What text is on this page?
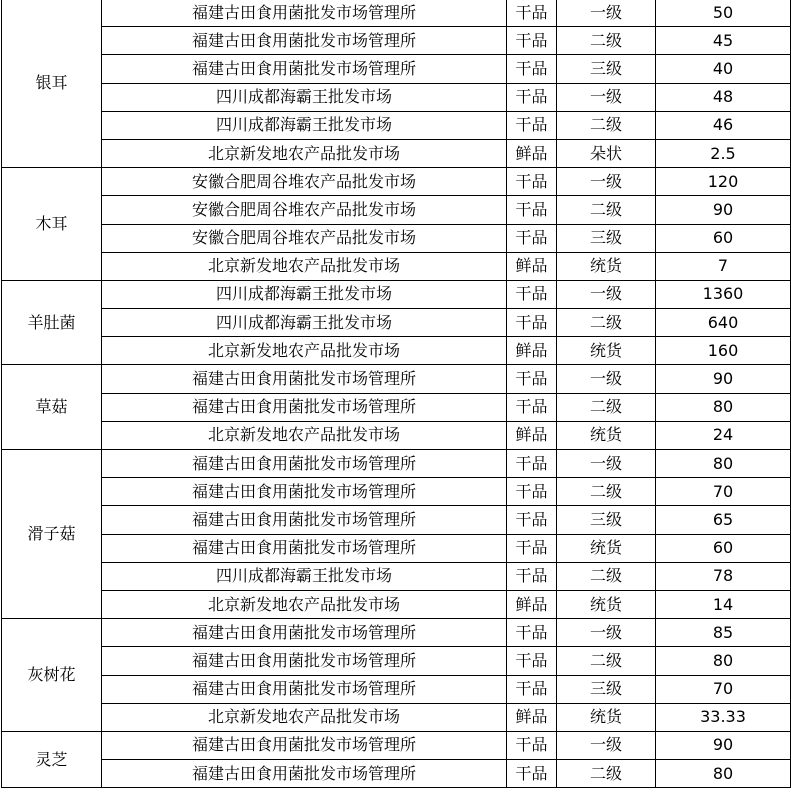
银耳	福建古田食用菌批发市场管理所	干品	一级	50
	福建古田食用菌批发市场管理所	干品	二级	45
	福建古田食用菌批发市场管理所	干品	三级	40
	四川成都海霸王批发市场	干品	一级	48
	四川成都海霸王批发市场	干品	二级	46
	北京新发地农产品批发市场	鲜品	朵状	2.5
木耳	安徽合肥周谷堆农产品批发市场	干品	一级	120
	安徽合肥周谷堆农产品批发市场	干品	二级	90
	安徽合肥周谷堆农产品批发市场	干品	三级	60
	北京新发地农产品批发市场	鲜品	统货	7
羊肚菌	四川成都海霸王批发市场	干品	一级	1360
	四川成都海霸王批发市场	干品	二级	640
	北京新发地农产品批发市场	鲜品	统货	160
草菇	福建古田食用菌批发市场管理所	干品	一级	90
	福建古田食用菌批发市场管理所	干品	二级	80
	北京新发地农产品批发市场	鲜品	统货	24
滑子菇	福建古田食用菌批发市场管理所	干品	一级	80
	福建古田食用菌批发市场管理所	干品	二级	70
	福建古田食用菌批发市场管理所	干品	三级	65
	福建古田食用菌批发市场管理所	干品	统货	60
	四川成都海霸王批发市场	干品	二级	78
	北京新发地农产品批发市场	鲜品	统货	14
灰树花	福建古田食用菌批发市场管理所	干品	一级	85
	福建古田食用菌批发市场管理所	干品	二级	80
	福建古田食用菌批发市场管理所	干品	三级	70
	北京新发地农产品批发市场	鲜品	统货	33.33
灵芝	福建古田食用菌批发市场管理所	干品	一级	90
	福建古田食用菌批发市场管理所	干品	二级	80
